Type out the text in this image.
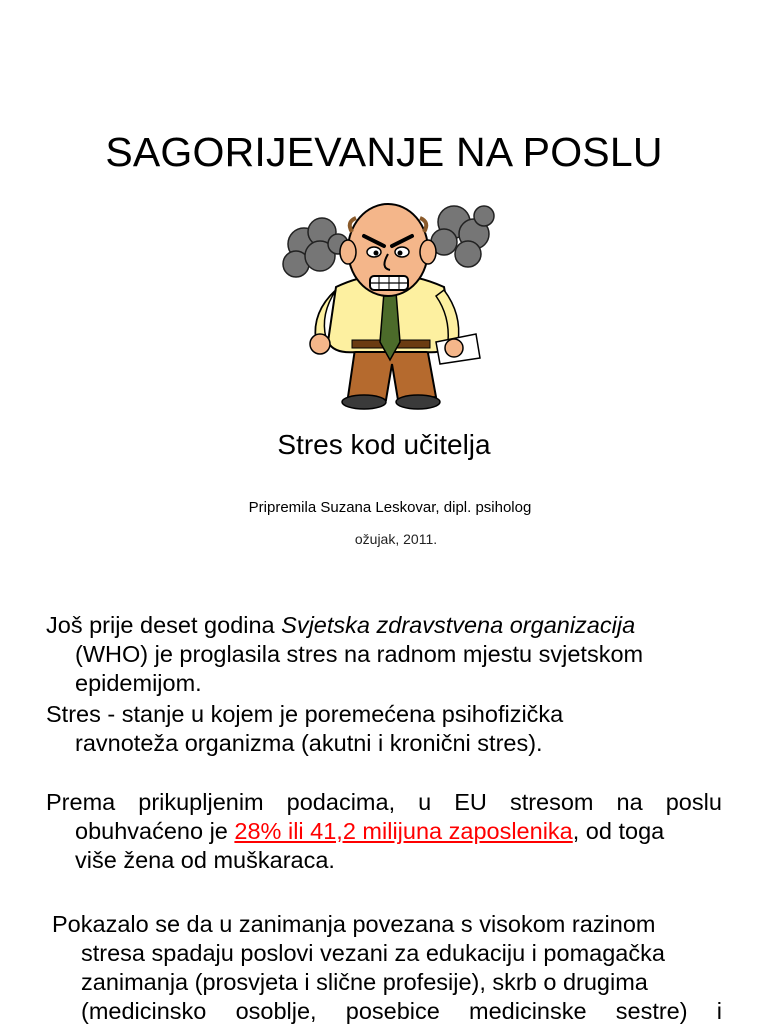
SAGORIJEVANJE NA POSLU
Stres kod učitelja
Pripremila Suzana Leskovar, dipl. psiholog
ožujak, 2011.
Još prije deset godina Svjetska zdravstvena organizacija
(WHO) je proglasila stres na radnom mjestu svjetskom
epidemijom.
Stres - stanje u kojem je poremećena psihofizička
ravnoteža organizma (akutni i kronični stres).
Prema prikupljenim podacima, u EU stresom na poslu
obuhvaćeno je 28% ili 41,2 milijuna zaposlenika, od toga
više žena od muškaraca.
Pokazalo se da u zanimanja povezana s visokom razinom
stresa spadaju poslovi vezani za edukaciju i pomagačka
zanimanja (prosvjeta i slične profesije), skrb o drugima
(medicinsko osoblje, posebice medicinske sestre) i
